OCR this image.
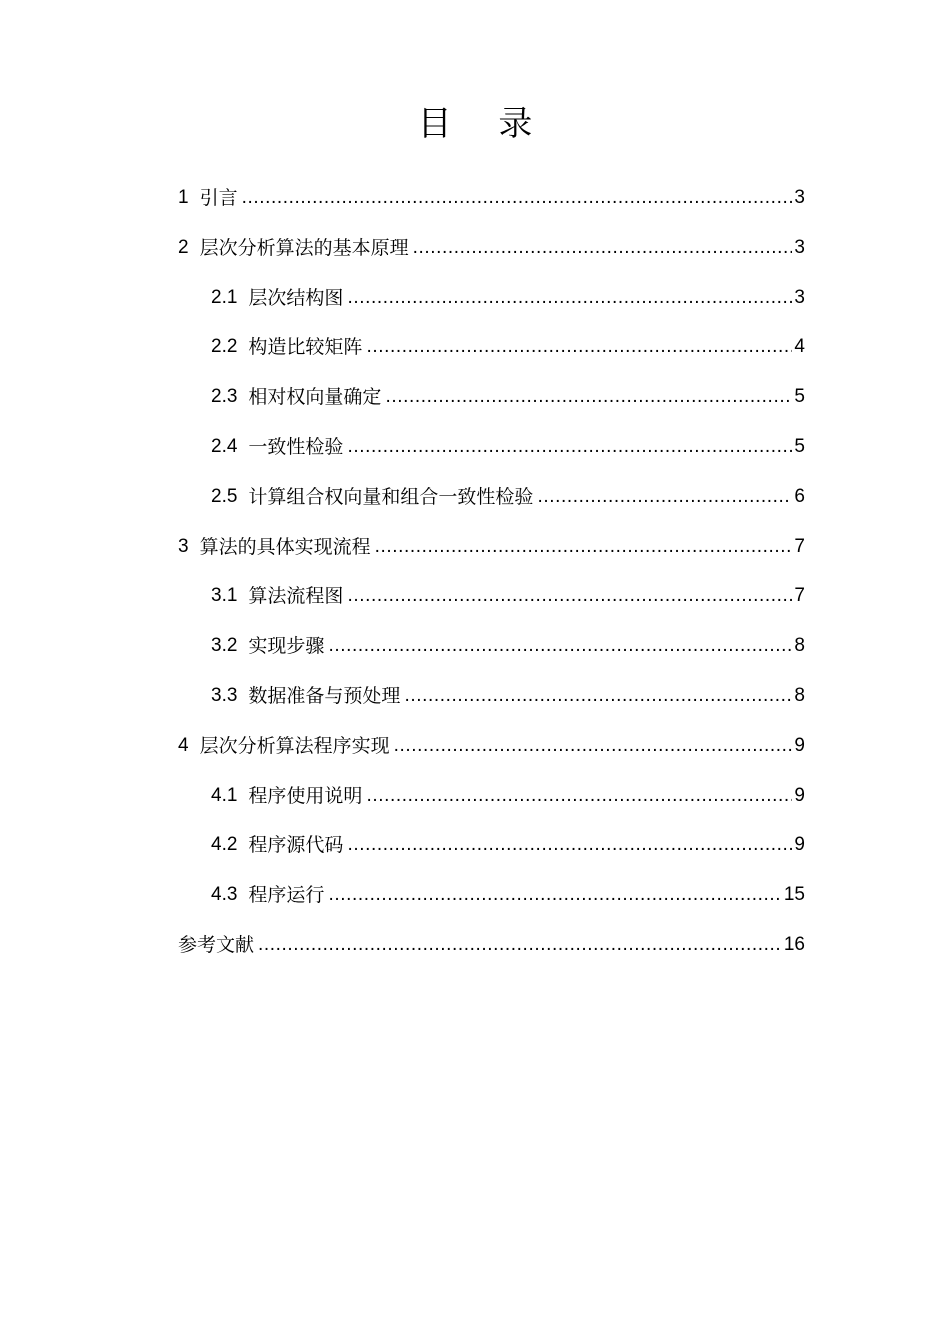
目 录
1 引言 .....	3
2 层次分析算法的基本原理 .....	3
2.1 层次结构图 .....	3
2.2 构造比较矩阵 .....	4
2.3 相对权向量确定 .....	5
2.4 一致性检验 .....	5
2.5 计算组合权向量和组合一致性检验 .....	6
3 算法的具体实现流程 .....	7
3.1 算法流程图 .....	7
3.2 实现步骤 .....	8
3.3 数据准备与预处理 .....	8
4 层次分析算法程序实现 .....	9
4.1 程序使用说明 .....	9
4.2 程序源代码 .....	9
4.3 程序运行 .....	15
参考文献 .....	16
